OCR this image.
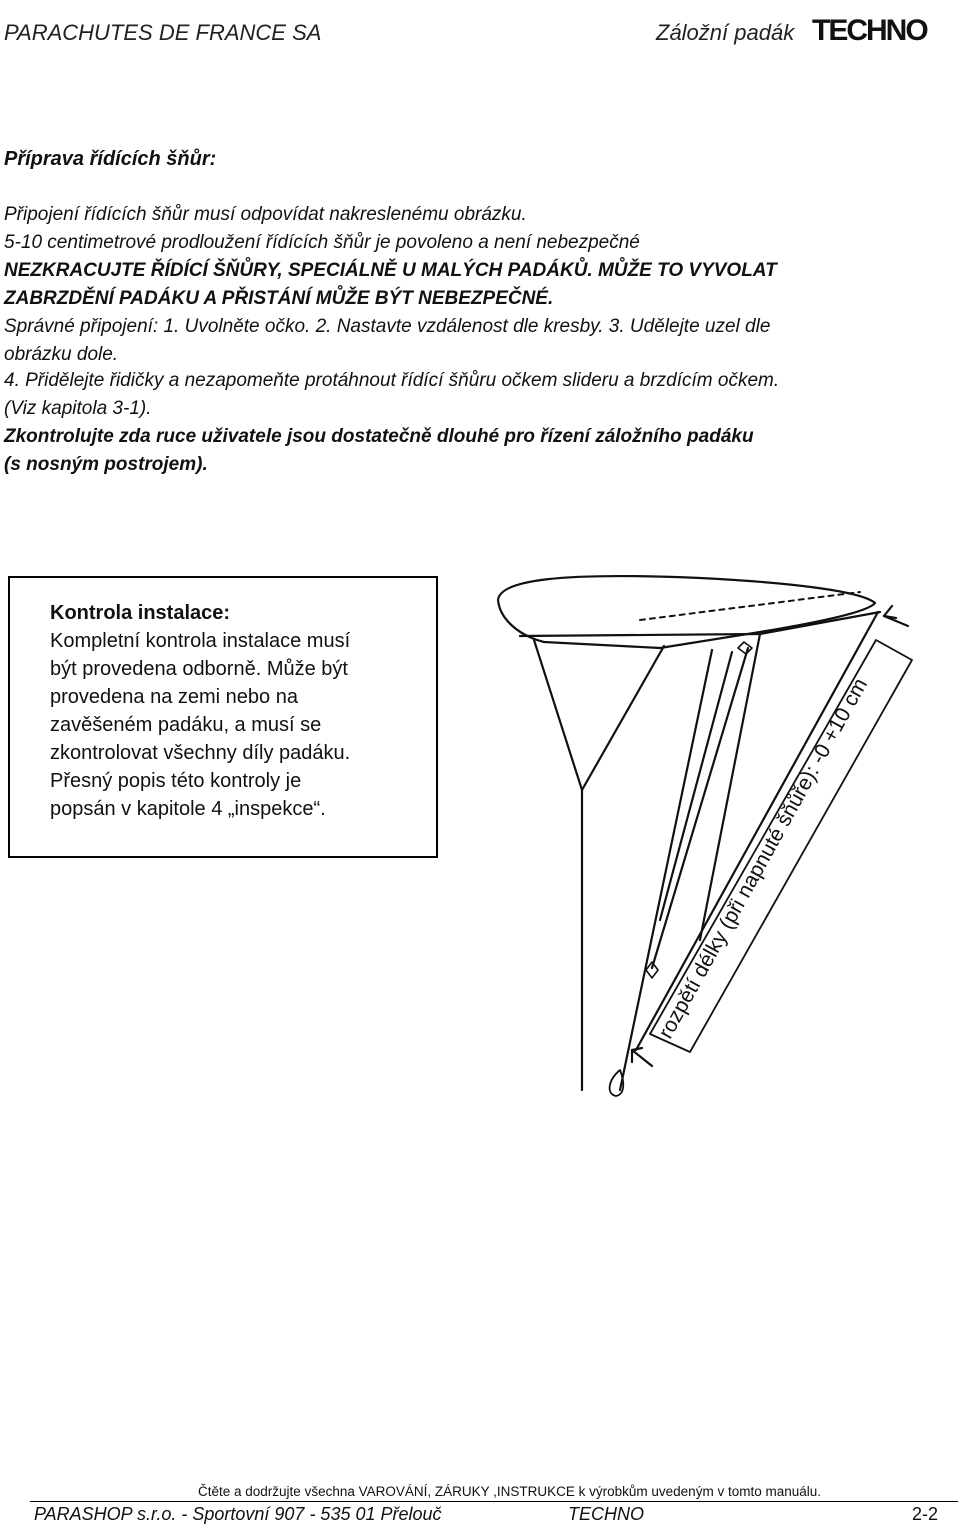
PARACHUTES DE FRANCE SA	Záložní padák TECHNO
Příprava řídících šňůr:
Připojení řídících šňůr musí odpovídat nakreslenému obrázku.
5-10 centimetrové prodloužení řídících šňůr je povoleno a není nebezpečné
NEZKRACUJTE ŘÍDÍCÍ ŠŇŮRY, SPECIÁLNĚ U MALÝCH PADÁKŮ. MŮŽE TO VYVOLAT
ZABRZDĚNÍ PADÁKU A PŘISTÁNÍ MŮŽE BÝT NEBEZPEČNÉ.
Správné připojení: 1. Uvolněte očko. 2. Nastavte vzdálenost dle kresby. 3. Udělejte uzel dle
obrázku dole.
4. Přidělejte řidičky a nezapomeňte protáhnout řídící šňůru očkem slideru a brzdícím očkem.
(Viz kapitola 3-1).
Zkontrolujte zda ruce uživatele jsou dostatečně dlouhé pro řízení záložního padáku
(s nosným postrojem).
Kontrola instalace:
Kompletní kontrola instalace musí
být provedena odborně. Může být
provedena na zemi nebo na
zavěšeném padáku, a musí se
zkontrolovat všechny díly padáku.
Přesný popis této kontroly je
popsán v kapitole 4 „inspekce“.	rozpětí délky (při napnuté šňůře): -0 +10 cm
Čtěte a dodržujte všechna VAROVÁNÍ, ZÁRUKY ,INSTRUKCE k výrobkům uvedeným v tomto manuálu.
PARASHOP s.r.o. - Sportovní 907 - 535 01 Přelouč	TECHNO	2-2
